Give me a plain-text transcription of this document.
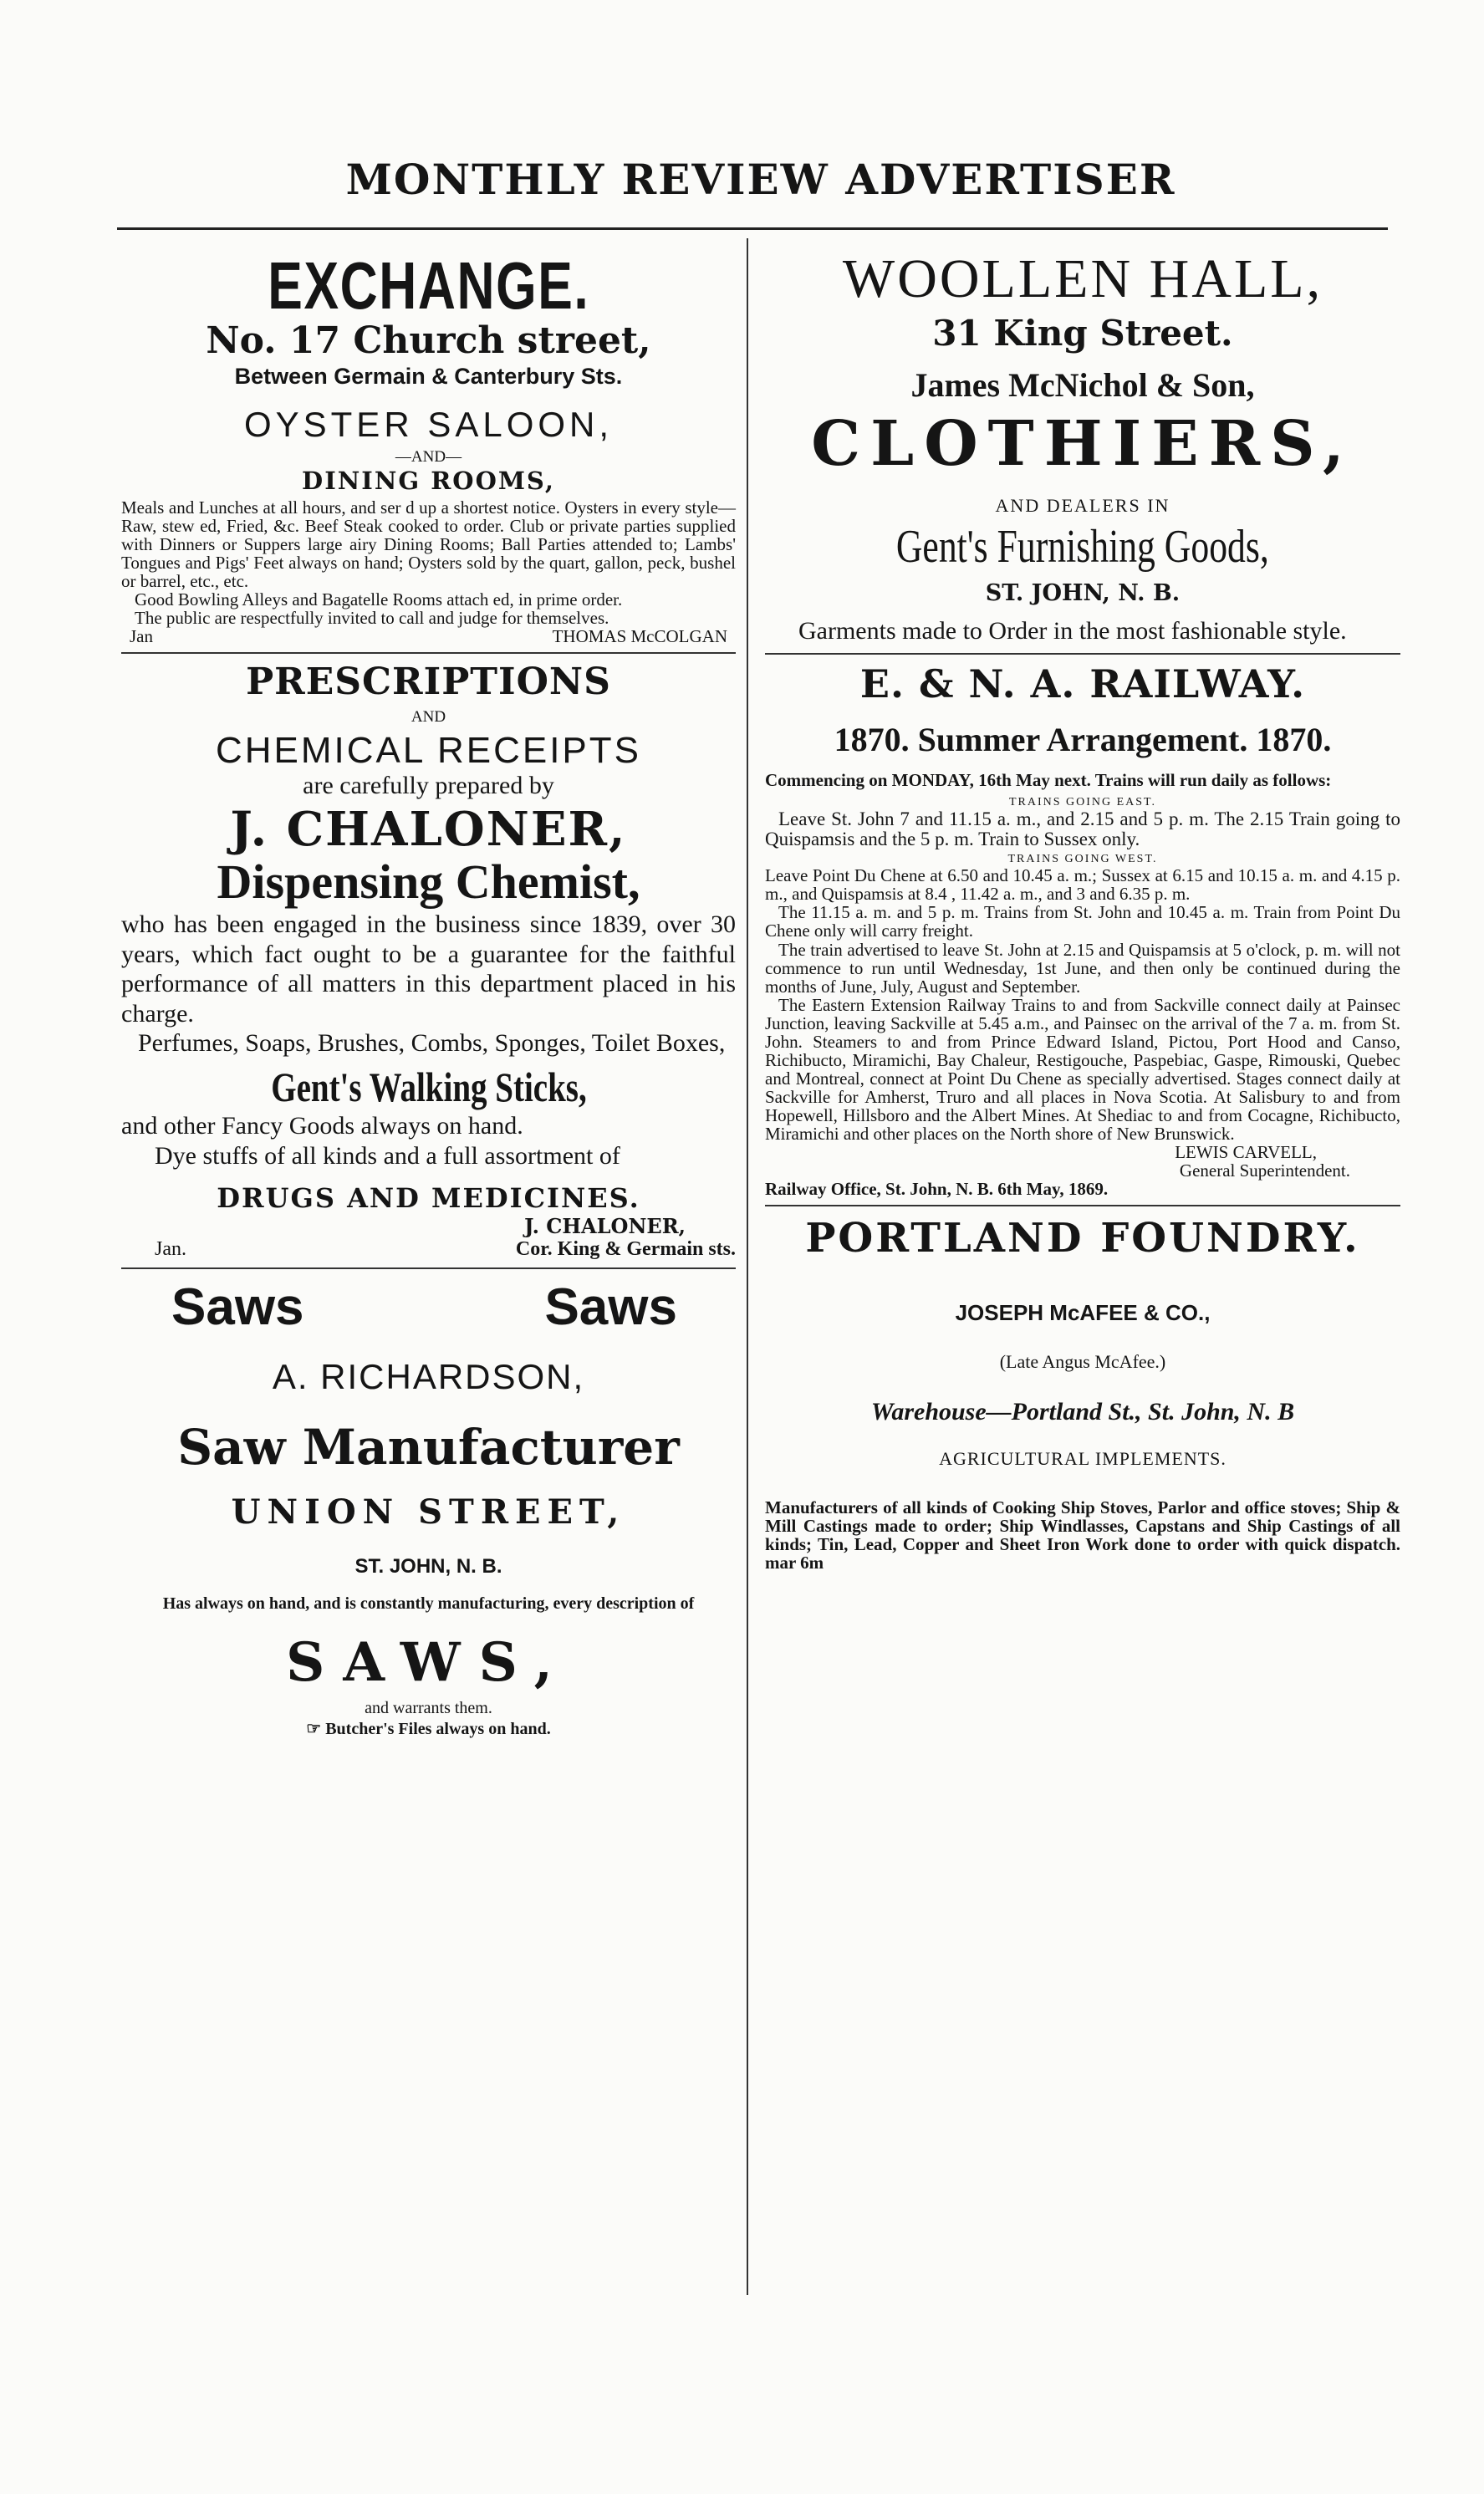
MONTHLY REVIEW ADVERTISER
EXCHANGE.
No. 17 Church street,
Between Germain & Canterbury Sts.
OYSTER SALOON,
—AND—
DINING ROOMS,

Meals and Lunches at all hours, and ser d up a shortest notice. Oysters in every style—Raw, stew ed, Fried, &c. Beef Steak cooked to order. Club or private parties supplied with Dinners or Suppers large airy Dining Rooms; Ball Parties attended to; Lambs' Tongues and Pigs' Feet always on hand; Oysters sold by the quart, gallon, peck, bushel or barrel, etc., etc.

Good Bowling Alleys and Bagatelle Rooms attach ed, in prime order.

The public are respectfully invited to call and judge for themselves.

Jan	THOMAS McCOLGAN
PRESCRIPTIONS
AND
CHEMICAL RECEIPTS
are carefully prepared by
J. CHALONER,
Dispensing Chemist,

who has been engaged in the business since 1839, over 30 years, which fact ought to be a guarantee for the faithful performance of all matters in this department placed in his charge.

Perfumes, Soaps, Brushes, Combs, Sponges, Toilet Boxes,

Gent's Walking Sticks,

and other Fancy Goods always on hand.

Dye stuffs of all kinds and a full assortment of

DRUGS AND MEDICINES.
J. CHALONER,
Jan.	Cor. King & Germain sts.
Saws	Saws
A. RICHARDSON,
Saw Manufacturer
UNION STREET,
ST. JOHN, N. B.

Has always on hand, and is constantly manufacturing, every description of

SAWS,
and warrants them.
☞ Butcher's Files always on hand.
WOOLLEN HALL,
31 King Street.
James McNichol & Son,
CLOTHIERS,
AND DEALERS IN
Gent's Furnishing Goods,
ST. JOHN, N. B.

Garments made to Order in the most fashionable style.

E. & N. A. RAILWAY.
1870. Summer Arrangement. 1870.

Commencing on MONDAY, 16th May next. Trains will run daily as follows:

TRAINS GOING EAST.

Leave St. John 7 and 11.15 a. m., and 2.15 and 5 p. m. The 2.15 Train going to Quispamsis and the 5 p. m. Train to Sussex only.

TRAINS GOING WEST.

Leave Point Du Chene at 6.50 and 10.45 a. m.; Sussex at 6.15 and 10.15 a. m. and 4.15 p. m., and Quispamsis at 8.4 , 11.42 a. m., and 3 and 6.35 p. m.

The 11.15 a. m. and 5 p. m. Trains from St. John and 10.45 a. m. Train from Point Du Chene only will carry freight.

The train advertised to leave St. John at 2.15 and Quispamsis at 5 o'clock, p. m. will not commence to run until Wednesday, 1st June, and then only be continued during the months of June, July, August and September.

The Eastern Extension Railway Trains to and from Sackville connect daily at Painsec Junction, leaving Sackville at 5.45 a.m., and Painsec on the arrival of the 7 a. m. from St. John. Steamers to and from Prince Edward Island, Pictou, Port Hood and Canso, Richibucto, Miramichi, Bay Chaleur, Restigouche, Paspebiac, Gaspe, Rimouski, Quebec and Montreal, connect at Point Du Chene as specially advertised. Stages connect daily at Sackville for Amherst, Truro and all places in Nova Scotia. At Salisbury to and from Hopewell, Hillsboro and the Albert Mines. At Shediac to and from Cocagne, Richibucto, Miramichi and other places on the North shore of New Brunswick.

LEWIS CARVELL,
General Superintendent.
Railway Office, St. John, N. B. 6th May, 1869.
PORTLAND FOUNDRY.
JOSEPH McAFEE & CO.,
(Late Angus McAfee.)
Warehouse—Portland St., St. John, N. B
AGRICULTURAL IMPLEMENTS.

Manufacturers of all kinds of Cooking Ship Stoves, Parlor and office stoves; Ship & Mill Castings made to order; Ship Windlasses, Capstans and Ship Castings of all kinds; Tin, Lead, Copper and Sheet Iron Work done to order with quick dispatch. mar 6m
